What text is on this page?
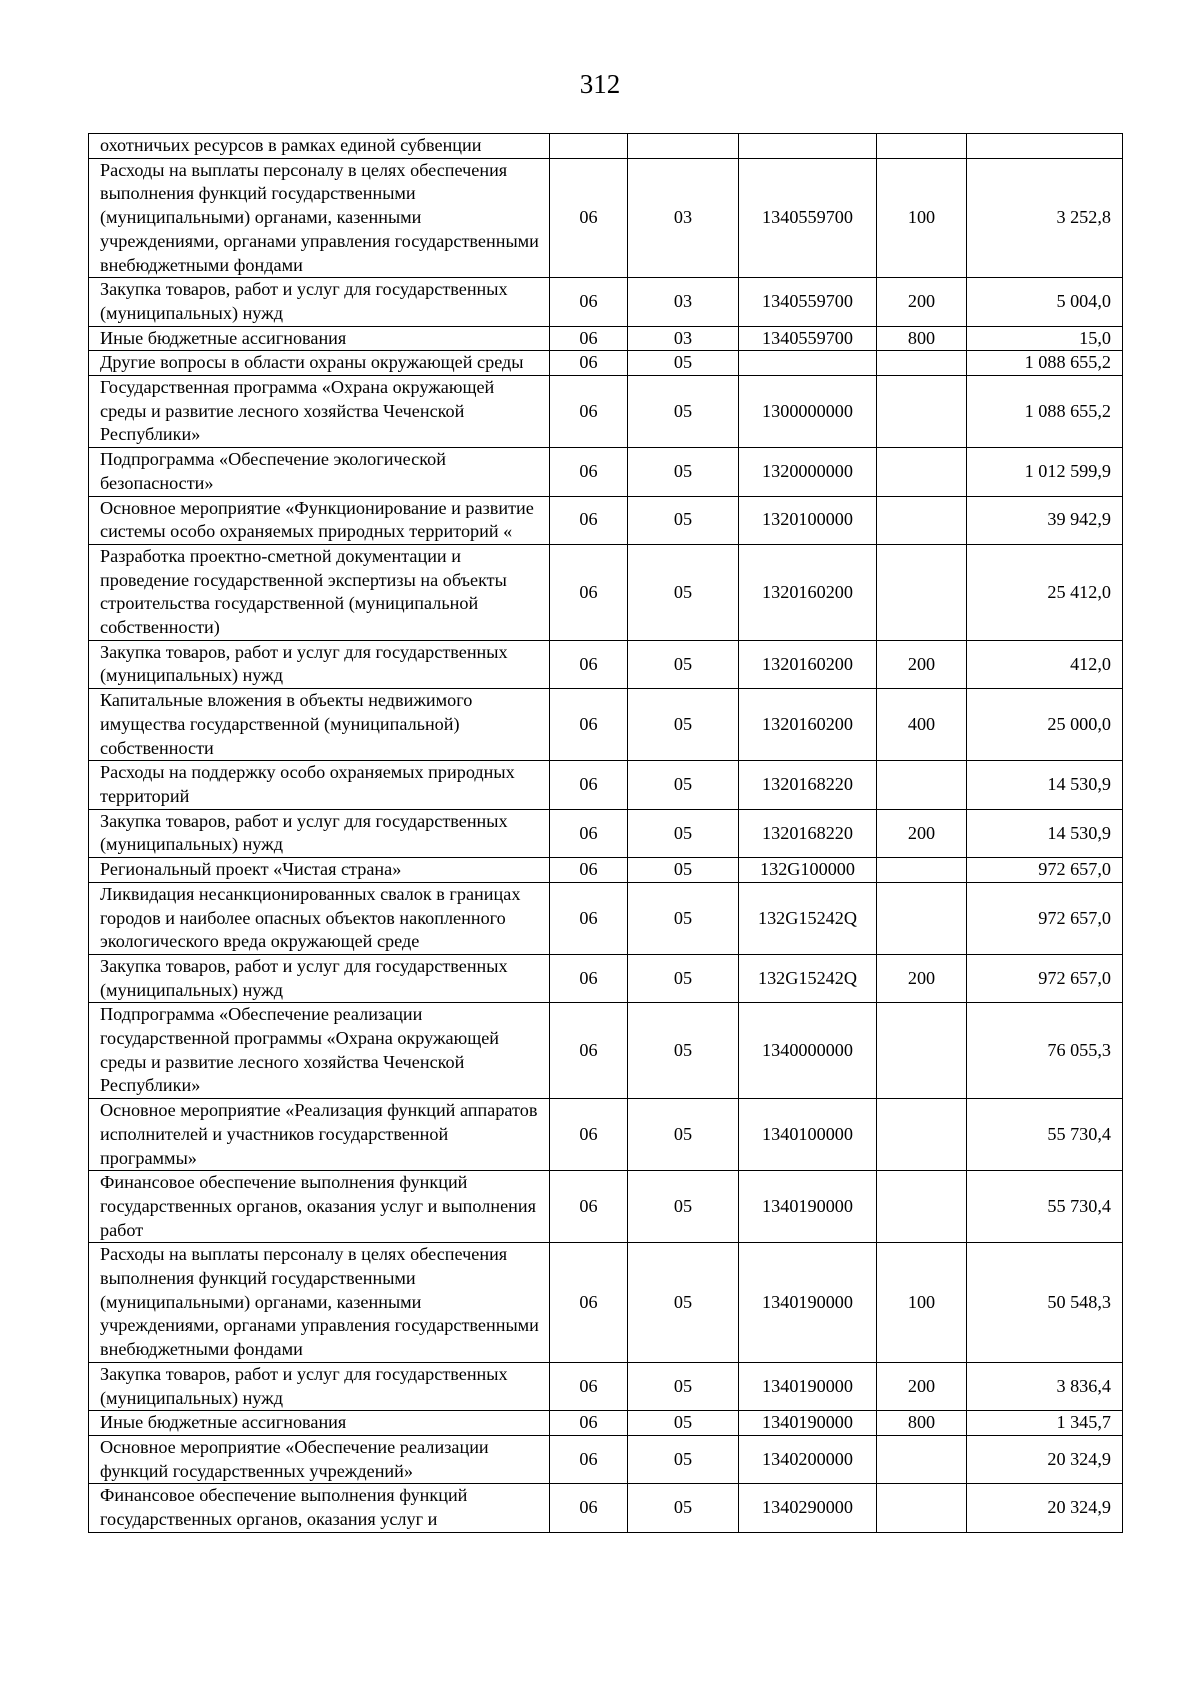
312
охотничьих ресурсов в рамках единой субвенции					
Расходы на выплаты персоналу в целях обеспечения выполнения функций государственными (муниципальными) органами, казенными учреждениями, органами управления государственными внебюджетными фондами	06	03	1340559700	100	3 252,8
Закупка товаров, работ и услуг для государственных (муниципальных) нужд	06	03	1340559700	200	5 004,0
Иные бюджетные ассигнования	06	03	1340559700	800	15,0
Другие вопросы в области охраны окружающей среды	06	05			1 088 655,2
Государственная программа «Охрана окружающей среды и развитие лесного хозяйства Чеченской Республики»	06	05	1300000000		1 088 655,2
Подпрограмма «Обеспечение экологической безопасности»	06	05	1320000000		1 012 599,9
Основное мероприятие «Функционирование и развитие системы особо охраняемых природных территорий «	06	05	1320100000		39 942,9
Разработка проектно-сметной документации и проведение государственной экспертизы на объекты строительства государственной (муниципальной собственности)	06	05	1320160200		25 412,0
Закупка товаров, работ и услуг для государственных (муниципальных) нужд	06	05	1320160200	200	412,0
Капитальные вложения в объекты недвижимого имущества государственной (муниципальной) собственности	06	05	1320160200	400	25 000,0
Расходы на поддержку особо охраняемых природных территорий	06	05	1320168220		14 530,9
Закупка товаров, работ и услуг для государственных (муниципальных) нужд	06	05	1320168220	200	14 530,9
Региональный проект «Чистая страна»	06	05	132G100000		972 657,0
Ликвидация несанкционированных свалок в границах городов и наиболее опасных объектов накопленного экологического вреда окружающей среде	06	05	132G15242Q		972 657,0
Закупка товаров, работ и услуг для государственных (муниципальных) нужд	06	05	132G15242Q	200	972 657,0
Подпрограмма «Обеспечение реализации государственной программы «Охрана окружающей среды и развитие лесного хозяйства Чеченской Республики»	06	05	1340000000		76 055,3
Основное мероприятие «Реализация функций аппаратов исполнителей и участников государственной программы»	06	05	1340100000		55 730,4
Финансовое обеспечение выполнения функций государственных органов, оказания услуг и выполнения работ	06	05	1340190000		55 730,4
Расходы на выплаты персоналу в целях обеспечения выполнения функций государственными (муниципальными) органами, казенными учреждениями, органами управления государственными внебюджетными фондами	06	05	1340190000	100	50 548,3
Закупка товаров, работ и услуг для государственных (муниципальных) нужд	06	05	1340190000	200	3 836,4
Иные бюджетные ассигнования	06	05	1340190000	800	1 345,7
Основное мероприятие «Обеспечение реализации функций государственных учреждений»	06	05	1340200000		20 324,9
Финансовое обеспечение выполнения функций государственных органов, оказания услуг и	06	05	1340290000		20 324,9
